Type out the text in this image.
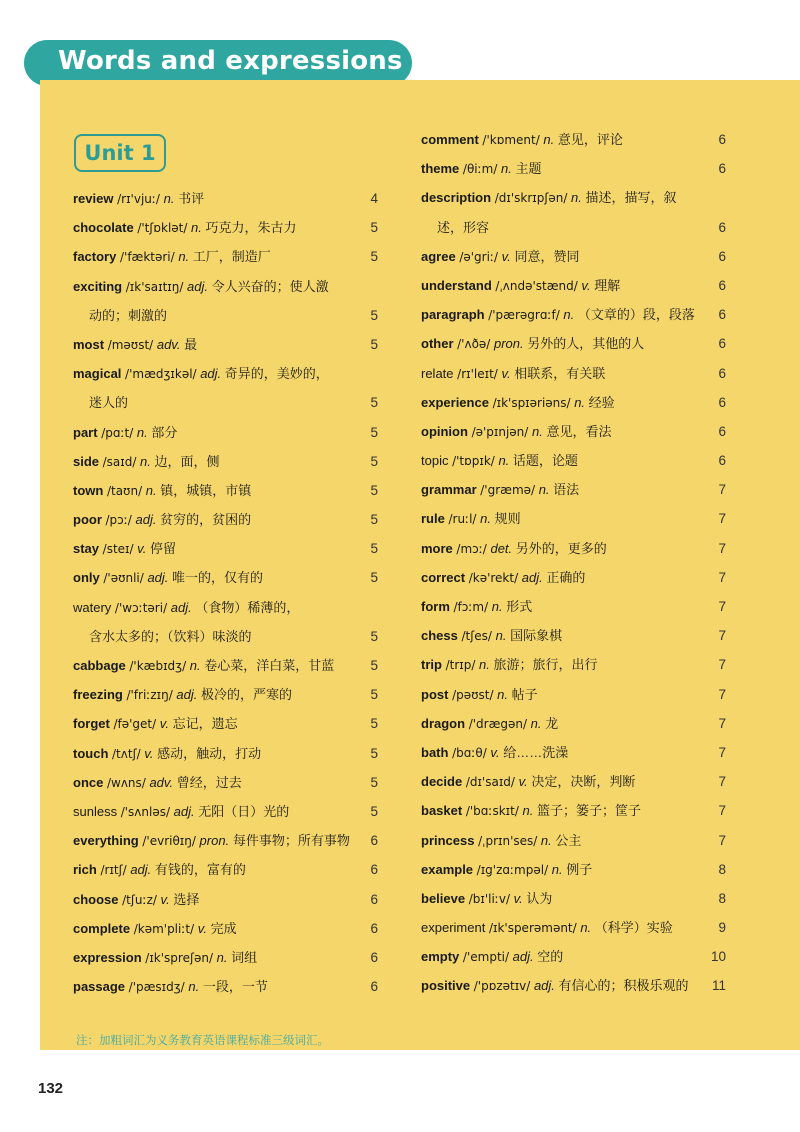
Words and expressions
Unit 1
review /rɪ'vjuː/ n. 书评	4
chocolate /'tʃɒklət/ n. 巧克力，朱古力	5
factory /'fæktəri/ n. 工厂，制造厂	5
exciting /ɪk'saɪtɪŋ/ adj. 令人兴奋的；使人激
动的；刺激的	5
most /məʊst/ adv. 最	5
magical /'mædʒɪkəl/ adj. 奇异的，美妙的，
迷人的	5
part /pɑːt/ n. 部分	5
side /saɪd/ n. 边，面，侧	5
town /taʊn/ n. 镇，城镇，市镇	5
poor /pɔː/ adj. 贫穷的，贫困的	5
stay /steɪ/ v. 停留	5
only /'əʊnli/ adj. 唯一的，仅有的	5
watery /'wɔːtəri/ adj. （食物）稀薄的，
含水太多的；（饮料）味淡的	5
cabbage /'kæbɪdʒ/ n. 卷心菜，洋白菜，甘蓝	5
freezing /'friːzɪŋ/ adj. 极冷的，严寒的	5
forget /fə'get/ v. 忘记，遗忘	5
touch /tʌtʃ/ v. 感动，触动，打动	5
once /wʌns/ adv. 曾经，过去	5
sunless /'sʌnləs/ adj. 无阳（日）光的	5
everything /'evriθɪŋ/ pron. 每件事物；所有事物 6
rich /rɪtʃ/ adj. 有钱的，富有的	6
choose /tʃuːz/ v. 选择	6
complete /kəm'pliːt/ v. 完成	6
expression /ɪk'spreʃən/ n. 词组	6
passage /'pæsɪdʒ/ n. 一段，一节	6
comment /'kɒment/ n. 意见，评论	6
theme /θiːm/ n. 主题	6
description /dɪ'skrɪpʃən/ n. 描述，描写，叙
述，形容	6
agree /ə'griː/ v. 同意，赞同	6
understand /ˌʌndə'stænd/ v. 理解	6
paragraph /'pærəgrɑːf/ n. （文章的）段，段落 6
other /'ʌðə/ pron. 另外的人，其他的人	6
relate /rɪ'leɪt/ v. 相联系，有关联	6
experience /ɪk'spɪəriəns/ n. 经验	6
opinion /ə'pɪnjən/ n. 意见，看法	6
topic /'tɒpɪk/ n. 话题，论题	6
grammar /'græmə/ n. 语法	7
rule /ruːl/ n. 规则	7
more /mɔː/ det. 另外的，更多的	7
correct /kə'rekt/ adj. 正确的	7
form /fɔːm/ n. 形式	7
chess /tʃes/ n. 国际象棋	7
trip /trɪp/ n. 旅游；旅行，出行	7
post /pəʊst/ n. 帖子	7
dragon /'drægən/ n. 龙	7
bath /bɑːθ/ v. 给……洗澡	7
decide /dɪ'saɪd/ v. 决定，决断，判断	7
basket /'bɑːskɪt/ n. 篮子；篓子；筐子	7
princess /ˌprɪn'ses/ n. 公主	7
example /ɪg'zɑːmpəl/ n. 例子	8
believe /bɪ'liːv/ v. 认为	8
experiment /ɪk'sperəmənt/ n. （科学）实验	9
empty /'empti/ adj. 空的	10
positive /'pɒzətɪv/ adj. 有信心的；积极乐观的 11
注：加粗词汇为义务教育英语课程标准三级词汇。
132
